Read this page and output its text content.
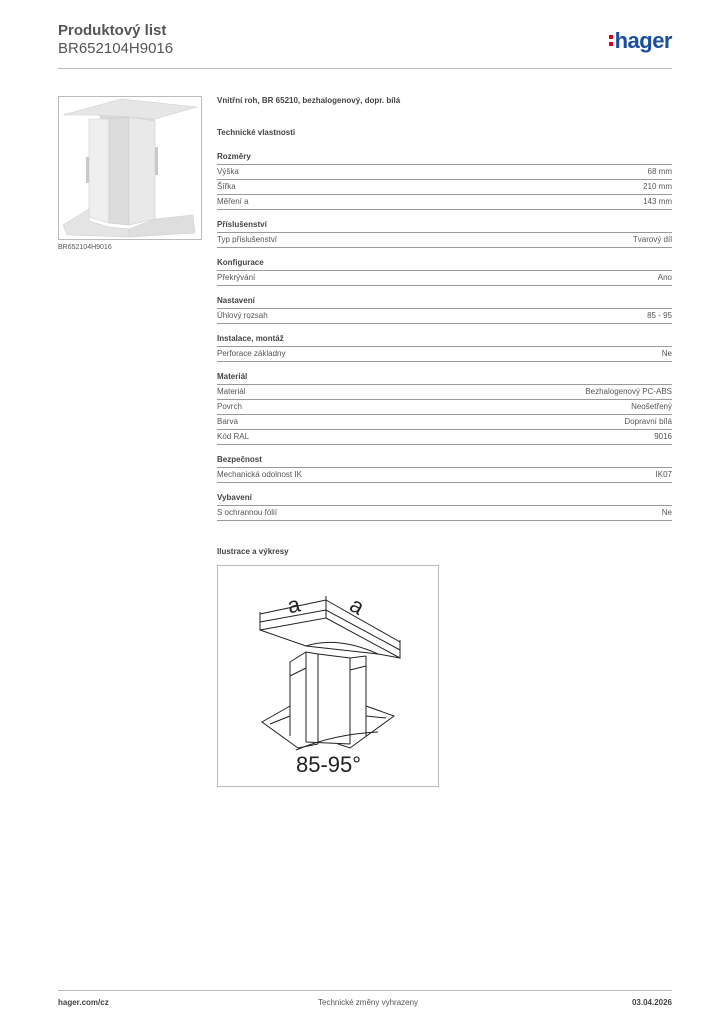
Produktový list
BR652104H9016	hager
BR652104H9016
Vnitřní roh, BR 65210, bezhalogenový, dopr. bílá
Technické vlastnosti
Rozměry
Výška	68 mm
Šířka	210 mm
Měření a	143 mm
Příslušenství
Typ příslušenství	Tvarový díl
Konfigurace
Překrývání	Ano
Nastavení
Úhlový rozsah	85 - 95
Instalace, montáž
Perforace základny	Ne
Materiál
Materiál	Bezhalogenový PC-ABS
Povrch	Neošetřený
Barva	Dopravní bílá
Kód RAL	9016
Bezpečnost
Mechanická odolnost IK	IK07
Vybavení
S ochrannou fólií	Ne
Ilustrace a výkresy
a a
85-95°
hager.com/cz	Technické změny vyhrazeny	03.04.2026
